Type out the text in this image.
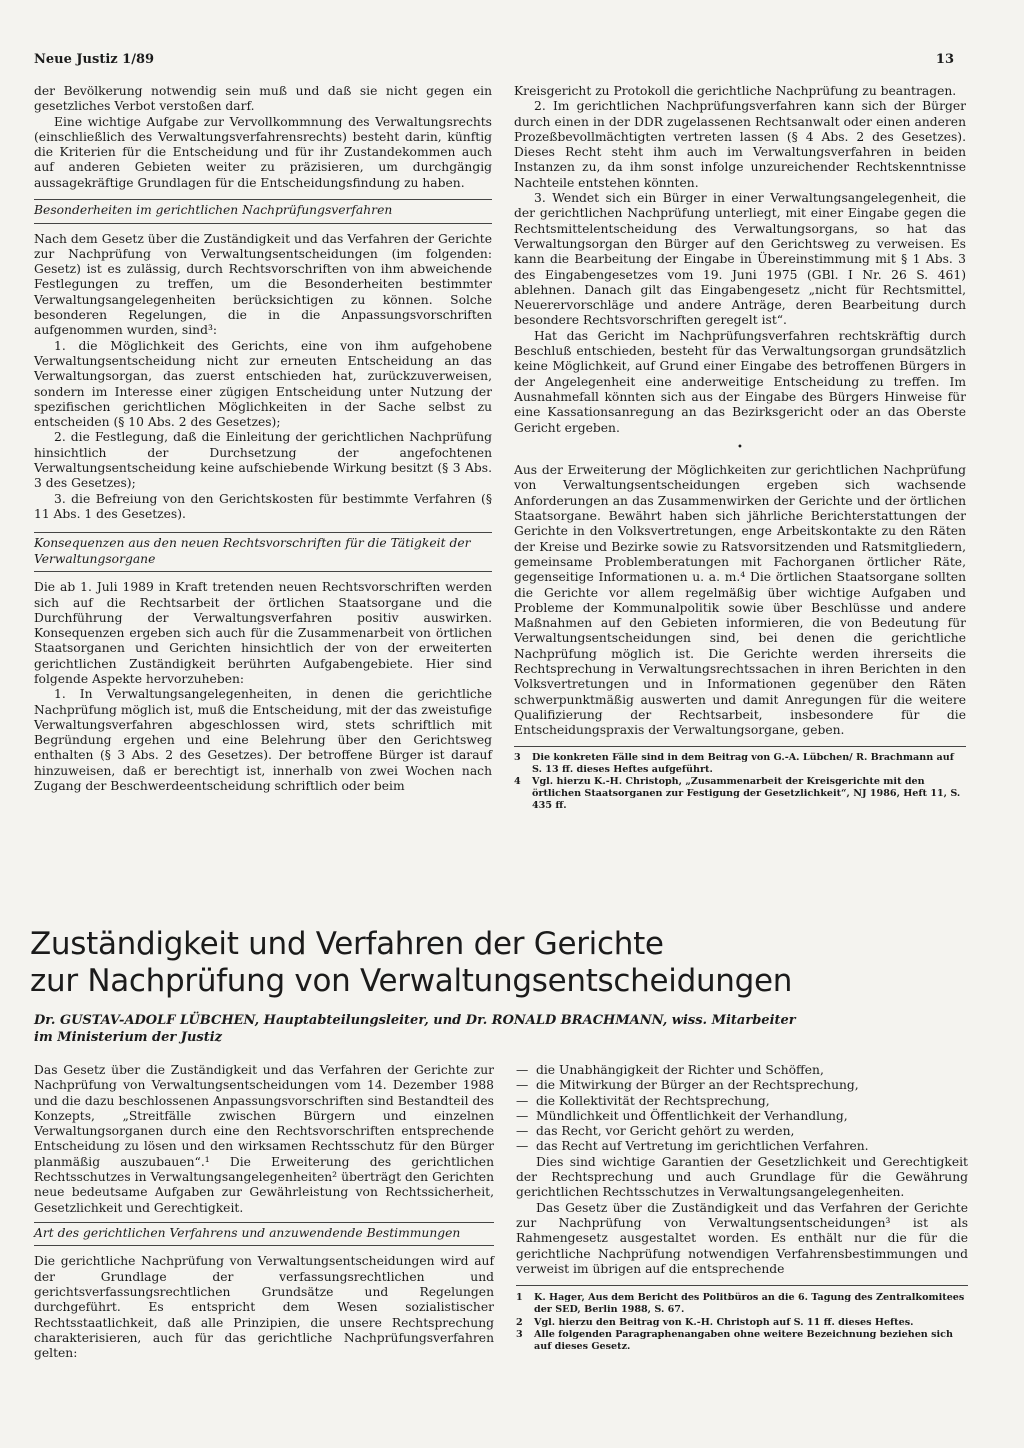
Neue Justiz 1/89	13

der Bevölkerung notwendig sein muß und daß sie nicht gegen ein gesetzliches Verbot verstoßen darf.

Eine wichtige Aufgabe zur Vervollkommnung des Verwaltungsrechts (einschließlich des Verwaltungsverfahrensrechts) besteht darin, künftig die Kriterien für die Entscheidung und für ihr Zustandekommen auch auf anderen Gebieten weiter zu präzisieren, um durchgängig aussagekräftige Grundlagen für die Entscheidungsfindung zu haben.

Besonderheiten im gerichtlichen Nachprüfungsverfahren

Nach dem Gesetz über die Zuständigkeit und das Verfahren der Gerichte zur Nachprüfung von Verwaltungsentscheidungen (im folgenden: Gesetz) ist es zulässig, durch Rechtsvorschriften von ihm abweichende Festlegungen zu treffen, um die Besonderheiten bestimmter Verwaltungsangelegenheiten berücksichtigen zu können. Solche besonderen Regelungen, die in die Anpassungsvorschriften aufgenommen wurden, sind³:

1. die Möglichkeit des Gerichts, eine von ihm aufgehobene Verwaltungsentscheidung nicht zur erneuten Entscheidung an das Verwaltungsorgan, das zuerst entschieden hat, zurückzuverweisen, sondern im Interesse einer zügigen Entscheidung unter Nutzung der spezifischen gerichtlichen Möglichkeiten in der Sache selbst zu entscheiden (§ 10 Abs. 2 des Gesetzes);

2. die Festlegung, daß die Einleitung der gerichtlichen Nachprüfung hinsichtlich der Durchsetzung der angefochtenen Verwaltungsentscheidung keine aufschiebende Wirkung besitzt (§ 3 Abs. 3 des Gesetzes);

3. die Befreiung von den Gerichtskosten für bestimmte Verfahren (§ 11 Abs. 1 des Gesetzes).

Konsequenzen aus den neuen Rechtsvorschriften für die Tätigkeit der Verwaltungsorgane

Die ab 1. Juli 1989 in Kraft tretenden neuen Rechtsvorschriften werden sich auf die Rechtsarbeit der örtlichen Staatsorgane und die Durchführung der Verwaltungsverfahren positiv auswirken. Konsequenzen ergeben sich auch für die Zusammenarbeit von örtlichen Staatsorganen und Gerichten hinsichtlich der von der erweiterten gerichtlichen Zuständigkeit berührten Aufgabengebiete. Hier sind folgende Aspekte hervorzuheben:

1. In Verwaltungsangelegenheiten, in denen die gerichtliche Nachprüfung möglich ist, muß die Entscheidung, mit der das zweistufige Verwaltungsverfahren abgeschlossen wird, stets schriftlich mit Begründung ergehen und eine Belehrung über den Gerichtsweg enthalten (§ 3 Abs. 2 des Gesetzes). Der betroffene Bürger ist darauf hinzuweisen, daß er berechtigt ist, innerhalb von zwei Wochen nach Zugang der Beschwerdeentscheidung schriftlich oder beim

Kreisgericht zu Protokoll die gerichtliche Nachprüfung zu beantragen.

2. Im gerichtlichen Nachprüfungsverfahren kann sich der Bürger durch einen in der DDR zugelassenen Rechtsanwalt oder einen anderen Prozeßbevollmächtigten vertreten lassen (§ 4 Abs. 2 des Gesetzes). Dieses Recht steht ihm auch im Verwaltungsverfahren in beiden Instanzen zu, da ihm sonst infolge unzureichender Rechtskenntnisse Nachteile entstehen könnten.

3. Wendet sich ein Bürger in einer Verwaltungsangelegenheit, die der gerichtlichen Nachprüfung unterliegt, mit einer Eingabe gegen die Rechtsmittelentscheidung des Verwaltungsorgans, so hat das Verwaltungsorgan den Bürger auf den Gerichtsweg zu verweisen. Es kann die Bearbeitung der Eingabe in Übereinstimmung mit § 1 Abs. 3 des Eingabengesetzes vom 19. Juni 1975 (GBl. I Nr. 26 S. 461) ablehnen. Danach gilt das Eingabengesetz „nicht für Rechtsmittel, Neuerervorschläge und andere Anträge, deren Bearbeitung durch besondere Rechtsvorschriften geregelt ist“.

Hat das Gericht im Nachprüfungsverfahren rechtskräftig durch Beschluß entschieden, besteht für das Verwaltungsorgan grundsätzlich keine Möglichkeit, auf Grund einer Eingabe des betroffenen Bürgers in der Angelegenheit eine anderweitige Entscheidung zu treffen. Im Ausnahmefall könnten sich aus der Eingabe des Bürgers Hinweise für eine Kassationsanregung an das Bezirksgericht oder an das Oberste Gericht ergeben.

•

Aus der Erweiterung der Möglichkeiten zur gerichtlichen Nachprüfung von Verwaltungsentscheidungen ergeben sich wachsende Anforderungen an das Zusammenwirken der Gerichte und der örtlichen Staatsorgane. Bewährt haben sich jährliche Berichterstattungen der Gerichte in den Volksvertretungen, enge Arbeitskontakte zu den Räten der Kreise und Bezirke sowie zu Ratsvorsitzenden und Ratsmitgliedern, gemeinsame Problemberatungen mit Fachorganen örtlicher Räte, gegenseitige Informationen u. a. m.⁴ Die örtlichen Staatsorgane sollten die Gerichte vor allem regelmäßig über wichtige Aufgaben und Probleme der Kommunalpolitik sowie über Beschlüsse und andere Maßnahmen auf den Gebieten informieren, die von Bedeutung für Verwaltungsentscheidungen sind, bei denen die gerichtliche Nachprüfung möglich ist. Die Gerichte werden ihrerseits die Rechtsprechung in Verwaltungsrechtssachen in ihren Berichten in den Volksvertretungen und in Informationen gegenüber den Räten schwerpunktmäßig auswerten und damit Anregungen für die weitere Qualifizierung der Rechtsarbeit, insbesondere für die Entscheidungspraxis der Verwaltungsorgane, geben.

3	Die konkreten Fälle sind in dem Beitrag von G.-A. Lübchen/ R. Brachmann auf S. 13 ff. dieses Heftes aufgeführt.
4	Vgl. hierzu K.-H. Christoph, „Zusammenarbeit der Kreisgerichte mit den örtlichen Staatsorganen zur Festigung der Gesetzlichkeit“, NJ 1986, Heft 11, S. 435 ff.
Zuständigkeit und Verfahren der Gerichte
zur Nachprüfung von Verwaltungsentscheidungen
Dr. GUSTAV-ADOLF LÜBCHEN, Hauptabteilungsleiter, und Dr. RONALD BRACHMANN, wiss. Mitarbeiter
im Ministerium der Justiz

Das Gesetz über die Zuständigkeit und das Verfahren der Gerichte zur Nachprüfung von Verwaltungsentscheidungen vom 14. Dezember 1988 und die dazu beschlossenen Anpassungsvorschriften sind Bestandteil des Konzepts, „Streitfälle zwischen Bürgern und einzelnen Verwaltungsorganen durch eine den Rechtsvorschriften entsprechende Entscheidung zu lösen und den wirksamen Rechtsschutz für den Bürger planmäßig auszubauen“.¹ Die Erweiterung des gerichtlichen Rechtsschutzes in Verwaltungsangelegenheiten² überträgt den Gerichten neue bedeutsame Aufgaben zur Gewährleistung von Rechtssicherheit, Gesetzlichkeit und Gerechtigkeit.

Art des gerichtlichen Verfahrens und anzuwendende Bestimmungen

Die gerichtliche Nachprüfung von Verwaltungsentscheidungen wird auf der Grundlage der verfassungsrechtlichen und gerichtsverfassungsrechtlichen Grundsätze und Regelungen durchgeführt. Es entspricht dem Wesen sozialistischer Rechtsstaatlichkeit, daß alle Prinzipien, die unsere Rechtsprechung charakterisieren, auch für das gerichtliche Nachprüfungsverfahren gelten:

— die Unabhängigkeit der Richter und Schöffen,
— die Mitwirkung der Bürger an der Rechtsprechung,
— die Kollektivität der Rechtsprechung,
— Mündlichkeit und Öffentlichkeit der Verhandlung,
— das Recht, vor Gericht gehört zu werden,
— das Recht auf Vertretung im gerichtlichen Verfahren.

Dies sind wichtige Garantien der Gesetzlichkeit und Gerechtigkeit der Rechtsprechung und auch Grundlage für die Gewährung gerichtlichen Rechtsschutzes in Verwaltungsangelegenheiten.

Das Gesetz über die Zuständigkeit und das Verfahren der Gerichte zur Nachprüfung von Verwaltungsentscheidungen³ ist als Rahmengesetz ausgestaltet worden. Es enthält nur die für die gerichtliche Nachprüfung notwendigen Verfahrensbestimmungen und verweist im übrigen auf die entsprechende

1	K. Hager, Aus dem Bericht des Politbüros an die 6. Tagung des Zentralkomitees der SED, Berlin 1988, S. 67.
2	Vgl. hierzu den Beitrag von K.-H. Christoph auf S. 11 ff. dieses Heftes.
3	Alle folgenden Paragraphenangaben ohne weitere Bezeichnung beziehen sich auf dieses Gesetz.
